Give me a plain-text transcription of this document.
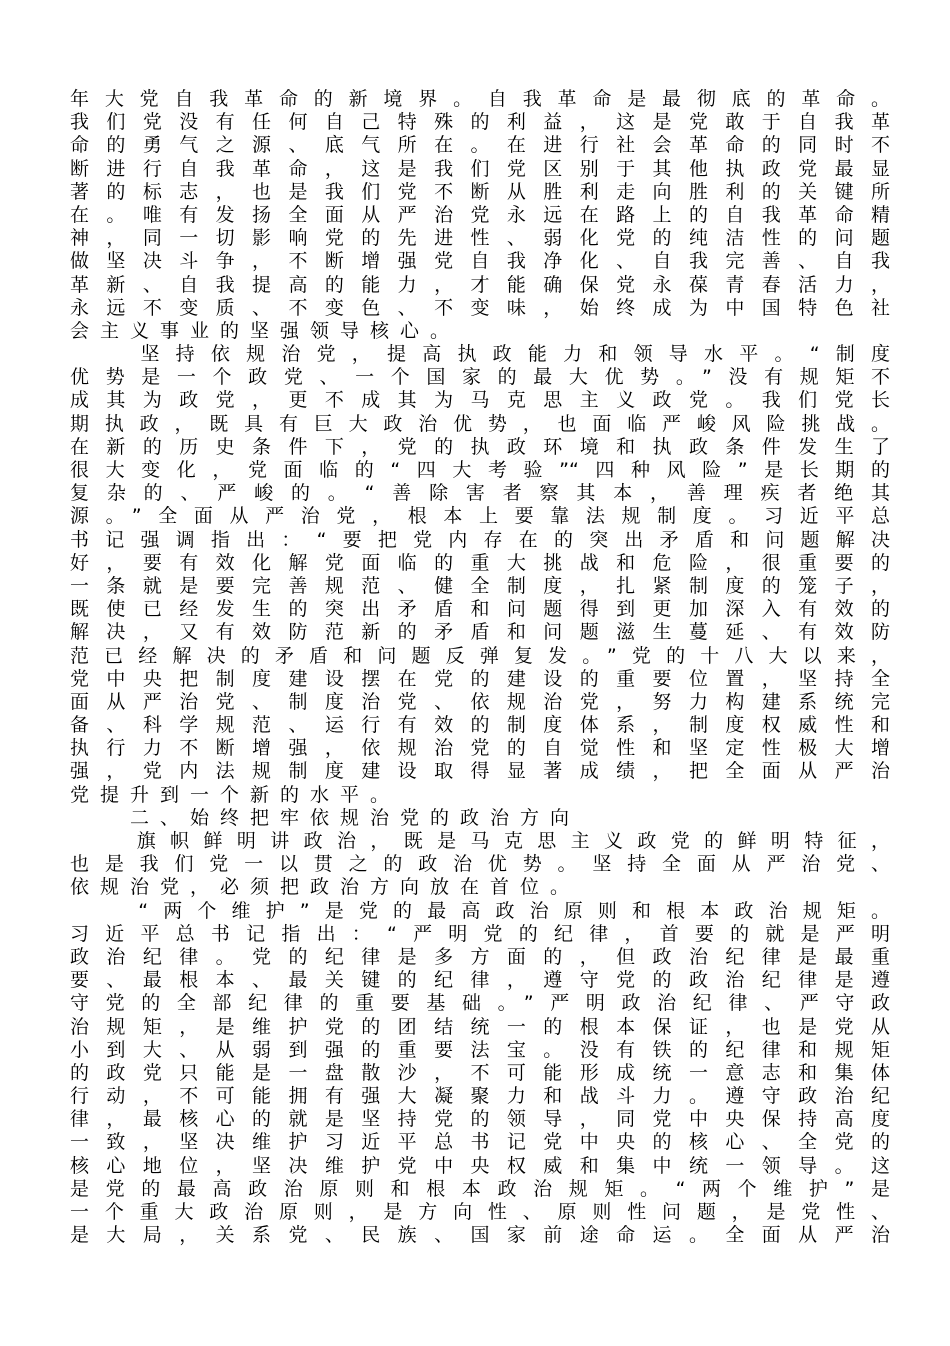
年大党自我革命的新境界。自我革命是最彻底的革命。
我们党没有任何自己特殊的利益，这是党敢于自我革
命的勇气之源、底气所在。在进行社会革命的同时不
断进行自我革命，这是我们党区别于其他执政党最显
著的标志，也是我们党不断从胜利走向胜利的关键所
在。唯有发扬全面从严治党永远在路上的自我革命精
神，同一切影响党的先进性、弱化党的纯洁性的问题
做坚决斗争，不断增强党自我净化、自我完善、自我
革新、自我提高的能力，才能确保党永葆青春活力，
永远不变质、不变色、不变味，始终成为中国特色社
会主义事业的坚强领导核心。
　　坚持依规治党，提高执政能力和领导水平。“制度
优势是一个政党、一个国家的最大优势。”没有规矩不
成其为政党，更不成其为马克思主义政党。我们党长
期执政，既具有巨大政治优势，也面临严峻风险挑战。
在新的历史条件下，党的执政环境和执政条件发生了
很大变化，党面临的“四大考验”“四种风险”是长期的
复杂的、严峻的。“善除害者察其本，善理疾者绝其
源。”全面从严治党，根本上要靠法规制度。习近平总
书记强调指出：“要把党内存在的突出矛盾和问题解决
好，要有效化解党面临的重大挑战和危险，很重要的
一条就是要完善规范、健全制度，扎紧制度的笼子，
既使已经发生的突出矛盾和问题得到更加深入有效的
解决，又有效防范新的矛盾和问题滋生蔓延、有效防
范已经解决的矛盾和问题反弹复发。”党的十八大以来，
党中央把制度建设摆在党的建设的重要位置，坚持全
面从严治党、制度治党、依规治党，努力构建系统完
备、科学规范、运行有效的制度体系，制度权威性和
执行力不断增强，依规治党的自觉性和坚定性极大增
强，党内法规制度建设取得显著成绩，把全面从严治
党提升到一个新的水平。
　　二、始终把牢依规治党的政治方向
　　旗帜鲜明讲政治，既是马克思主义政党的鲜明特征，
也是我们党一以贯之的政治优势。坚持全面从严治党、
依规治党，必须把政治方向放在首位。
　　“两个维护”是党的最高政治原则和根本政治规矩。
习近平总书记指出：“严明党的纪律，首要的就是严明
政治纪律。党的纪律是多方面的，但政治纪律是最重
要、最根本、最关键的纪律，遵守党的政治纪律是遵
守党的全部纪律的重要基础。”严明政治纪律、严守政
治规矩，是维护党的团结统一的根本保证，也是党从
小到大、从弱到强的重要法宝。没有铁的纪律和规矩
的政党只能是一盘散沙，不可能形成统一意志和集体
行动，不可能拥有强大凝聚力和战斗力。遵守政治纪
律，最核心的就是坚持党的领导，同党中央保持高度
一致，坚决维护习近平总书记党中央的核心、全党的
核心地位，坚决维护党中央权威和集中统一领导。这
是党的最高政治原则和根本政治规矩。“两个维护”是
一个重大政治原则，是方向性、原则性问题，是党性、
是大局，关系党、民族、国家前途命运。全面从严治
